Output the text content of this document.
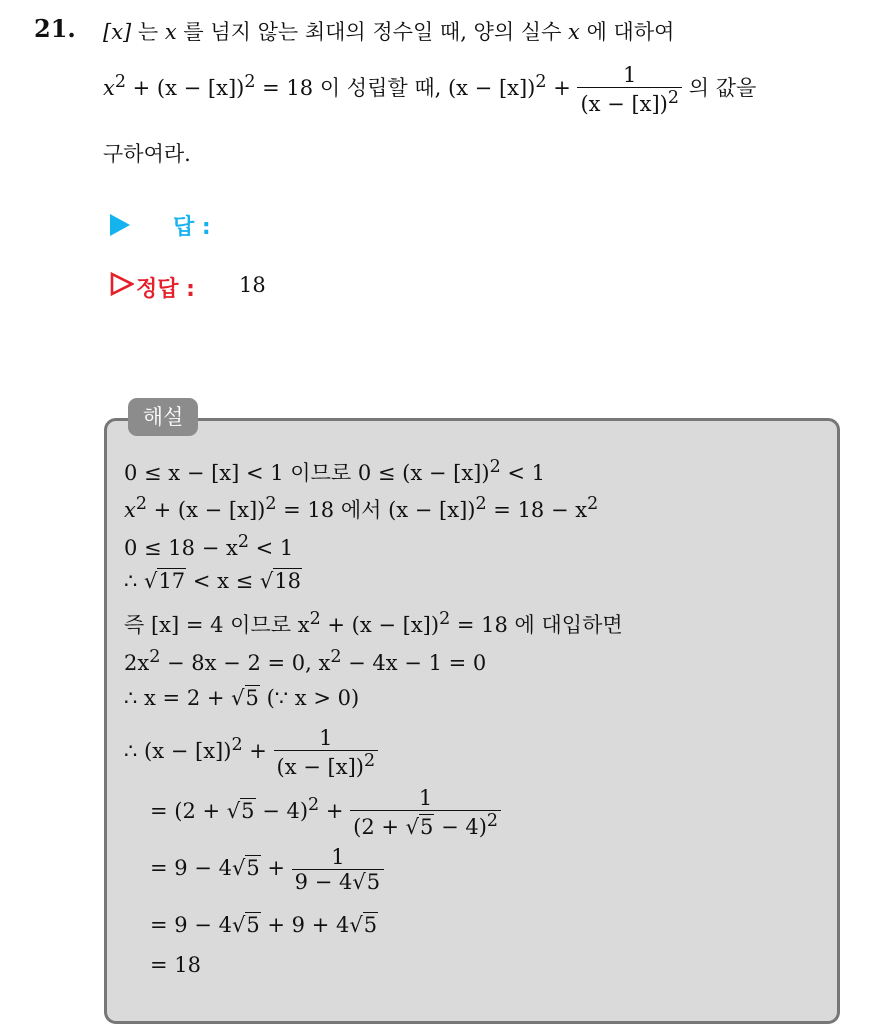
21. [x] 는 x 를 넘지 않는 최대의 정수일 때, 양의 실수 x 에 대하여
$x^2 + (x - [x])^2 = 18$ 이 성립할 때, $(x - [x])^2 + \frac{1}{(x - [x])^2}$ 의 값을
구하여라.
답 :
정답 : 18
해설
0 ≤ x − [x] < 1 이므로 $0 \le (x - [x])^2 < 1$
$x^2 + (x - [x])^2 = 18$ 에서 $(x - [x])^2 = 18 - x^2$
$0 \le 18 - x^2 < 1$
∴ √17 < x ≤ √18
즉 [x] = 4 이므로 $x^2 + (x - [x])^2 = 18$ 에 대입하면
$2x^2 - 8x - 2 = 0$, $x^2 - 4x - 1 = 0$
∴ x = 2 + √5 (∵ x > 0)
∴ $(x - [x])^2 + \frac{1}{(x - [x])^2}$
= $(2 + √5 - 4)^2 + \frac{1}{(2 + √5 - 4)^2}$
= $9 - 4√5 + \frac{1}{9 - 4√5}$
= 9 − 4√5 + 9 + 4√5
= 18
